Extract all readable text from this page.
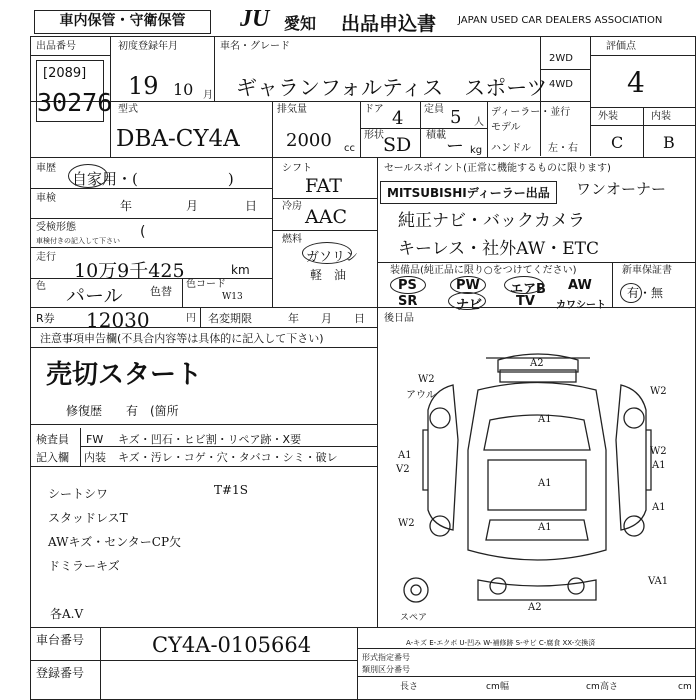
車内保管・守衛保管	JU 愛知 出品申込書 JAPAN USED CAR DEALERS ASSOCIATION
出品番号
[2089]
30276
初度登録年月
19 10 月
車名・グレード
ギャランフォルティス　スポーツ
2WD
4WD
評価点
4
外装	内装
C B
型式
DBA-CY4A
排気量
2000 cc
ドア 4 定員 5 人
形状 SD 積載
ー kg
ディーラー・並行
モデル
ハンドル 左・右
車歴
自家用・(　　　　　　)
車検
年	月	日
受検形態
車検付きの記入して下さい
(
走行
10万9千425	km
色 パール 色替
色コード
W13
シフト
FAT
冷房 AAC
燃料
ガソリン
軽　油
セールスポイント(正常に機能するものに限ります)
MITSUBISHIディーラー出品	ワンオーナー
純正ナビ・バックカメラ
キーレス・社外AW・ETC
装備品(純正品に限り○をつけてください)	新車保証書
有・無
PS	PW エアB AW
SR	ナビ	TV カワシート
R券 12030	円 名変期限	年　　月　　日 後日品
注意事項申告欄(不具合内容等は具体的に記入して下さい)
売切スタート
修復歴　　有　(箇所
検査員
記入欄
FW キズ・凹石・ヒビ割・リペア跡・X要
内装 キズ・汚レ・コゲ・穴・タバコ・シミ・破レ
シートシワ	T#1S
スタッドレスT
AWキズ・センターCP欠
ドミラーキズ
各A.V
A2
W2
A1
W2
A1
V2
W2
A1
A1
A1
A1
W2
A2
VA1
アウル
スペア
A-キズ E-エクボ U-凹み W-補修跡 S-サビ C-腐食 XX-交換済
車台番号	CY4A-0105664
登録番号
形式指定番号
類別区分番号
長さ	cm 幅	cm 高さ	cm
